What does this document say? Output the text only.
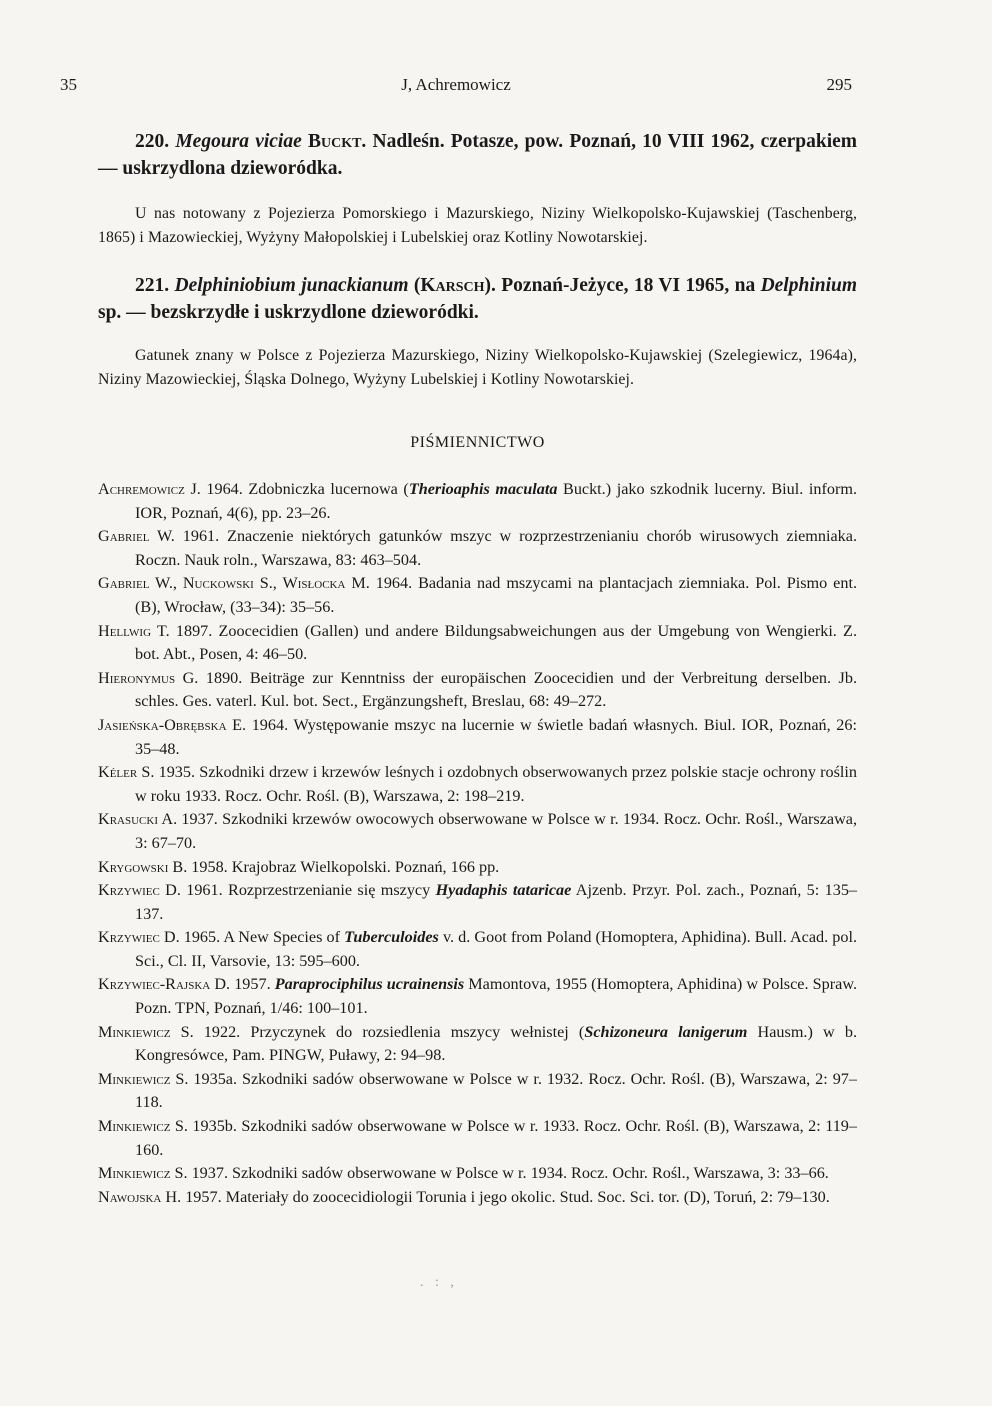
35	J, Achremowicz	295

220. Megoura viciae Buckt. Nadleśn. Potasze, pow. Poznań, 10 VIII 1962, czerpakiem — uskrzydlona dzieworódka.

U nas notowany z Pojezierza Pomorskiego i Mazurskiego, Niziny Wielkopolsko-Kujawskiej (Taschenberg, 1865) i Mazowieckiej, Wyżyny Małopolskiej i Lubelskiej oraz Kotliny Nowotarskiej.

221. Delphiniobium junackianum (Karsch). Poznań-Jeżyce, 18 VI 1965, na Delphinium sp. — bezskrzydłe i uskrzydlone dzieworódki.

Gatunek znany w Polsce z Pojezierza Mazurskiego, Niziny Wielkopolsko-Kujawskiej (Szelegiewicz, 1964a), Niziny Mazowieckiej, Śląska Dolnego, Wyżyny Lubelskiej i Kotliny Nowotarskiej.

PIŚMIENNICTWO

Achremowicz J. 1964. Zdobniczka lucernowa (Therioaphis maculata Buckt.) jako szkodnik lucerny. Biul. inform. IOR, Poznań, 4(6), pp. 23–26.

Gabriel W. 1961. Znaczenie niektórych gatunków mszyc w rozprzestrzenianiu chorób wirusowych ziemniaka. Roczn. Nauk roln., Warszawa, 83: 463–504.

Gabriel W., Nuckowski S., Wisłocka M. 1964. Badania nad mszycami na plantacjach ziemniaka. Pol. Pismo ent. (B), Wrocław, (33–34): 35–56.

Hellwig T. 1897. Zoocecidien (Gallen) und andere Bildungsabweichungen aus der Umgebung von Wengierki. Z. bot. Abt., Posen, 4: 46–50.

Hieronymus G. 1890. Beiträge zur Kenntniss der europäischen Zoocecidien und der Verbreitung derselben. Jb. schles. Ges. vaterl. Kul. bot. Sect., Ergänzungsheft, Breslau, 68: 49–272.

Jasieńska-Obrębska E. 1964. Występowanie mszyc na lucernie w świetle badań własnych. Biul. IOR, Poznań, 26: 35–48.

Kéler S. 1935. Szkodniki drzew i krzewów leśnych i ozdobnych obserwowanych przez polskie stacje ochrony roślin w roku 1933. Rocz. Ochr. Rośl. (B), Warszawa, 2: 198–219.

Krasucki A. 1937. Szkodniki krzewów owocowych obserwowane w Polsce w r. 1934. Rocz. Ochr. Rośl., Warszawa, 3: 67–70.

Krygowski B. 1958. Krajobraz Wielkopolski. Poznań, 166 pp.

Krzywiec D. 1961. Rozprzestrzenianie się mszycy Hyadaphis tataricae Ajzenb. Przyr. Pol. zach., Poznań, 5: 135–137.

Krzywiec D. 1965. A New Species of Tuberculoides v. d. Goot from Poland (Homoptera, Aphidina). Bull. Acad. pol. Sci., Cl. II, Varsovie, 13: 595–600.

Krzywiec-Rajska D. 1957. Paraprociphilus ucrainensis Mamontova, 1955 (Homoptera, Aphidina) w Polsce. Spraw. Pozn. TPN, Poznań, 1/46: 100–101.

Minkiewicz S. 1922. Przyczynek do rozsiedlenia mszycy wełnistej (Schizoneura lanigerum Hausm.) w b. Kongresówce, Pam. PINGW, Puławy, 2: 94–98.

Minkiewicz S. 1935a. Szkodniki sadów obserwowane w Polsce w r. 1932. Rocz. Ochr. Rośl. (B), Warszawa, 2: 97–118.

Minkiewicz S. 1935b. Szkodniki sadów obserwowane w Polsce w r. 1933. Rocz. Ochr. Rośl. (B), Warszawa, 2: 119–160.

Minkiewicz S. 1937. Szkodniki sadów obserwowane w Polsce w r. 1934. Rocz. Ochr. Rośl., Warszawa, 3: 33–66.

Nawojska H. 1957. Materiały do zoocecidiologii Torunia i jego okolic. Stud. Soc. Sci. tor. (D), Toruń, 2: 79–130.

. : ,
